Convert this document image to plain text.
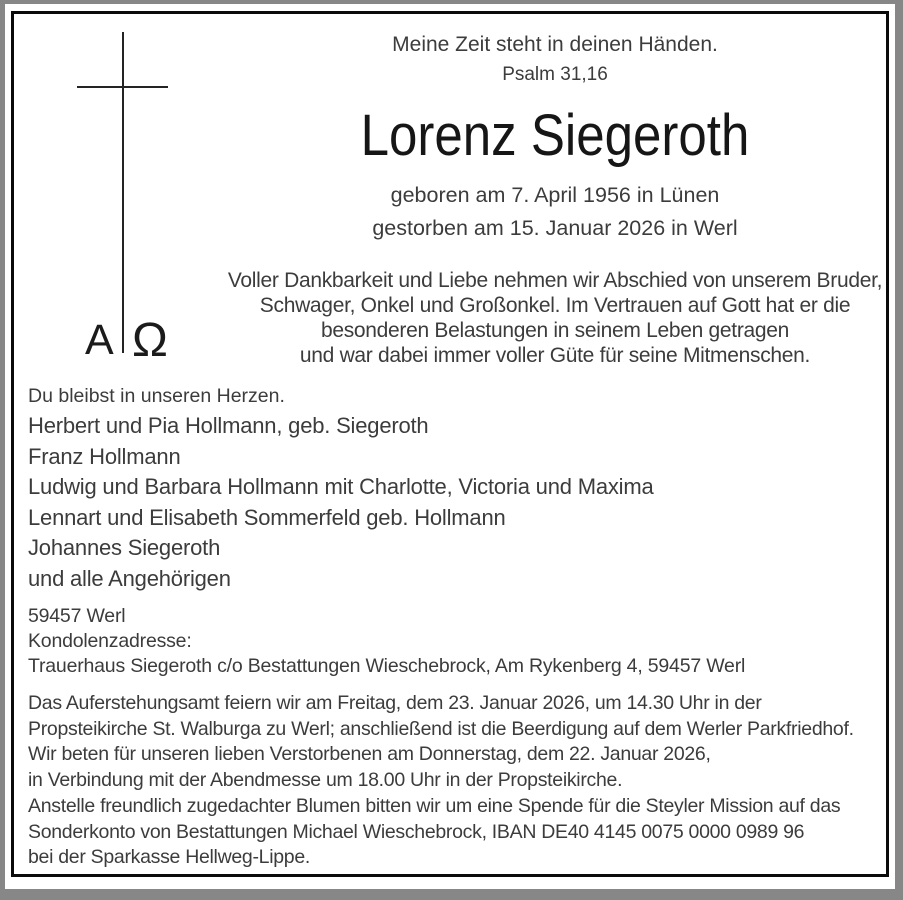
A Ω
Meine Zeit steht in deinen Händen.
Psalm 31,16
Lorenz Siegeroth
geboren am 7. April 1956 in Lünen
gestorben am 15. Januar 2026 in Werl
Voller Dankbarkeit und Liebe nehmen wir Abschied von unserem Bruder,
Schwager, Onkel und Großonkel. Im Vertrauen auf Gott hat er die
besonderen Belastungen in seinem Leben getragen
und war dabei immer voller Güte für seine Mitmenschen.
Du bleibst in unseren Herzen.
Herbert und Pia Hollmann, geb. Siegeroth
Franz Hollmann
Ludwig und Barbara Hollmann mit Charlotte, Victoria und Maxima
Lennart und Elisabeth Sommerfeld geb. Hollmann
Johannes Siegeroth
und alle Angehörigen
59457 Werl
Kondolenzadresse:
Trauerhaus Siegeroth c/o Bestattungen Wieschebrock, Am Rykenberg 4, 59457 Werl
Das Auferstehungsamt feiern wir am Freitag, dem 23. Januar 2026, um 14.30 Uhr in der
Propsteikirche St. Walburga zu Werl; anschließend ist die Beerdigung auf dem Werler Parkfriedhof.
Wir beten für unseren lieben Verstorbenen am Donnerstag, dem 22. Januar 2026,
in Verbindung mit der Abendmesse um 18.00 Uhr in der Propsteikirche.
Anstelle freundlich zugedachter Blumen bitten wir um eine Spende für die Steyler Mission auf das
Sonderkonto von Bestattungen Michael Wieschebrock, IBAN DE40 4145 0075 0000 0989 96
bei der Sparkasse Hellweg-Lippe.
